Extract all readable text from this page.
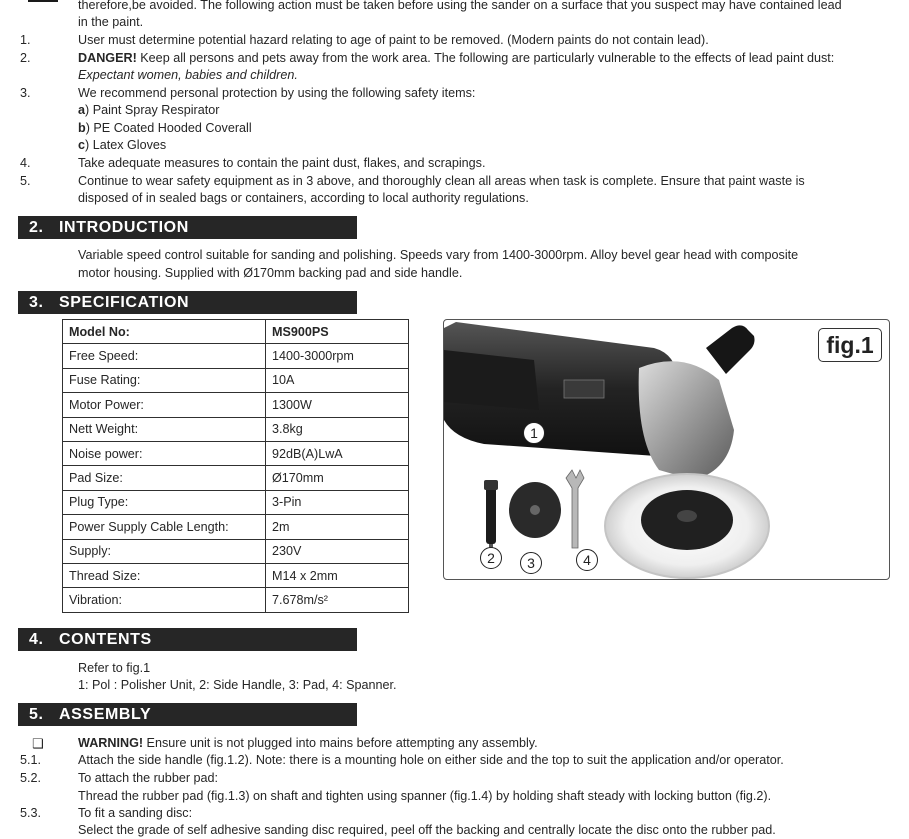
therefore,be avoided. The following action must be taken before using the sander on a surface that you suspect may have contained lead
in the paint.
1.	User must determine potential hazard relating to age of paint to be removed. (Modern paints do not contain lead).
2.	DANGER! Keep all persons and pets away from the work area. The following are particularly vulnerable to the effects of lead paint dust:
Expectant women, babies and children.
3.	We recommend personal protection by using the following safety items:
a) Paint Spray Respirator
b) PE Coated Hooded Coverall
c) Latex Gloves
4.	Take adequate measures to contain the paint dust, flakes, and scrapings.
5.	Continue to wear safety equipment as in 3 above, and thoroughly clean all areas when task is complete. Ensure that paint waste is
disposed of in sealed bags or containers, according to local authority regulations.
2. INTRODUCTION
Variable speed control suitable for sanding and polishing. Speeds vary from 1400-3000rpm. Alloy bevel gear head with composite
motor housing. Supplied with Ø170mm backing pad and side handle.
3. SPECIFICATION
Model No:	MS900PS
Free Speed:	1400-3000rpm
Fuse Rating:	10A
Motor Power:	1300W
Nett Weight:	3.8kg
Noise power:	92dB(A)LwA
Pad Size:	Ø170mm
Plug Type:	3-Pin
Power Supply Cable Length:	2m
Supply:	230V
Thread Size:	M14 x 2mm
Vibration:	7.678m/s²
fig.1
1
2	3	4
4. CONTENTS
Refer to fig.1
1: Pol : Polisher Unit, 2: Side Handle, 3: Pad, 4: Spanner.
5. ASSEMBLY
❑	WARNING! Ensure unit is not plugged into mains before attempting any assembly.
5.1.	Attach the side handle (fig.1.2). Note: there is a mounting hole on either side and the top to suit the application and/or operator.
5.2.	To attach the rubber pad:
Thread the rubber pad (fig.1.3) on shaft and tighten using spanner (fig.1.4) by holding shaft steady with locking button (fig.2).
5.3.	To fit a sanding disc:
Select the grade of self adhesive sanding disc required, peel off the backing and centrally locate the disc onto the rubber pad.
